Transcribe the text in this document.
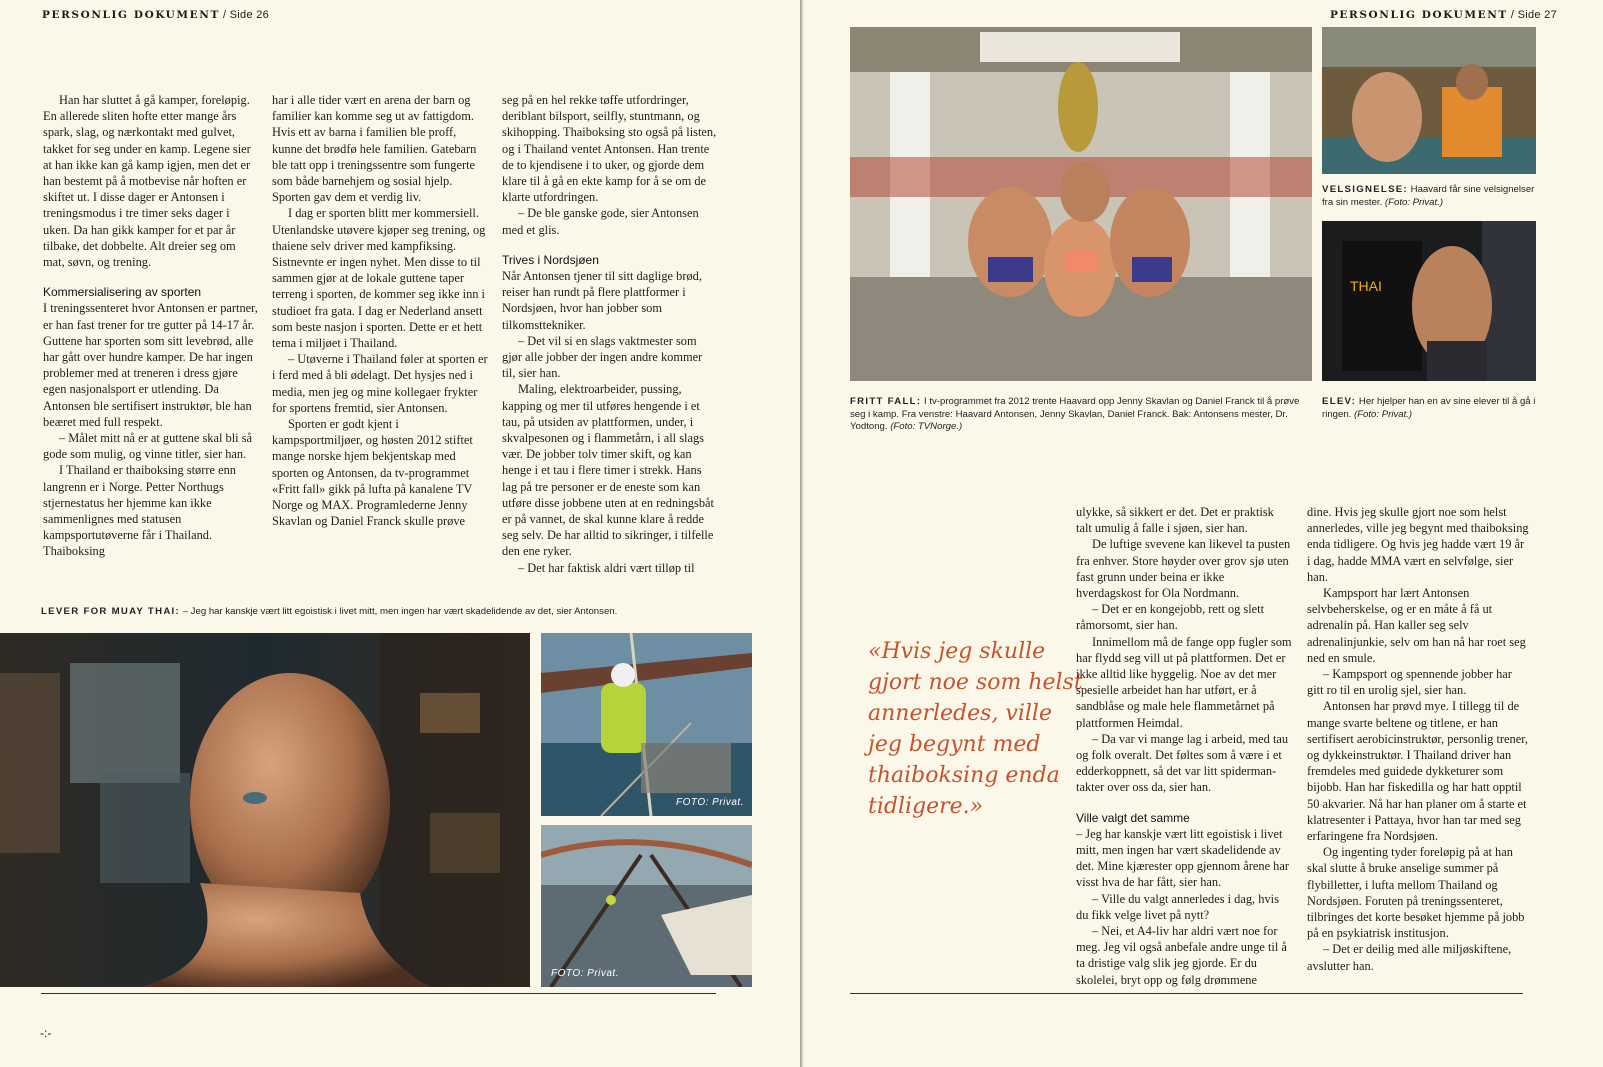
PERSONLIG DOKUMENT / Side 26

Han har sluttet å gå kamper, foreløpig. En allerede sliten hofte etter mange års spark, slag, og nærkontakt med gulvet, takket for seg under en kamp. Legene sier at han ikke kan gå kamp igjen, men det er han bestemt på å motbevise når hoften er skiftet ut. I disse dager er Antonsen i treningsmodus i tre timer seks dager i uken. Da han gikk kamper for et par år tilbake, det dobbelte. Alt dreier seg om mat, søvn, og trening.

Kommersialisering av sporten

I treningssenteret hvor Antonsen er partner, er han fast trener for tre gutter på 14-17 år. Guttene har sporten som sitt levebrød, alle har gått over hundre kamper. De har ingen problemer med at treneren i dress gjøre egen nasjonalsport er utlending. Da Antonsen ble sertifisert instruktør, ble han beæret med full respekt.

– Målet mitt nå er at guttene skal bli så gode som mulig, og vinne titler, sier han.

I Thailand er thaiboksing større enn langrenn er i Norge. Petter Northugs stjernestatus her hjemme kan ikke sammenlignes med statusen kampsportutøverne får i Thailand. Thaiboksing

har i alle tider vært en arena der barn og familier kan komme seg ut av fattigdom. Hvis ett av barna i familien ble proff, kunne det brødfø hele familien. Gatebarn ble tatt opp i treningssentre som fungerte som både barnehjem og sosial hjelp. Sporten gav dem et verdig liv.

I dag er sporten blitt mer kommersiell. Utenlandske utøvere kjøper seg trening, og thaiene selv driver med kampfiksing. Sistnevnte er ingen nyhet. Men disse to til sammen gjør at de lokale guttene taper terreng i sporten, de kommer seg ikke inn i studioet fra gata. I dag er Nederland ansett som beste nasjon i sporten. Dette er et hett tema i miljøet i Thailand.

– Utøverne i Thailand føler at sporten er i ferd med å bli ødelagt. Det hysjes ned i media, men jeg og mine kollegaer frykter for sportens fremtid, sier Antonsen.

Sporten er godt kjent i kampsportmiljøer, og høsten 2012 stiftet mange norske hjem bekjentskap med sporten og Antonsen, da tv-programmet «Fritt fall» gikk på lufta på kanalene TV Norge og MAX. Programlederne Jenny Skavlan og Daniel Franck skulle prøve

seg på en hel rekke tøffe utfordringer, deriblant bilsport, seilfly, stuntmann, og skihopping. Thaiboksing sto også på listen, og i Thailand ventet Antonsen. Han trente de to kjendisene i to uker, og gjorde dem klare til å gå en ekte kamp for å se om de klarte utfordringen.

– De ble ganske gode, sier Antonsen med et glis.

Trives i Nordsjøen

Når Antonsen tjener til sitt daglige brød, reiser han rundt på flere plattformer i Nordsjøen, hvor han jobber som tilkomsttekniker.

– Det vil si en slags vaktmester som gjør alle jobber der ingen andre kommer til, sier han.

Maling, elektroarbeider, pussing, kapping og mer til utføres hengende i et tau, på utsiden av plattformen, under, i skvalpesonen og i flammetårn, i all slags vær. De jobber tolv timer skift, og kan henge i et tau i flere timer i strekk. Hans lag på tre personer er de eneste som kan utføre disse jobbene uten at en redningsbåt er på vannet, de skal kunne klare å redde seg selv. De har alltid to sikringer, i tilfelle den ene ryker.

– Det har faktisk aldri vært tilløp til

LEVER FOR MUAY THAI: – Jeg har kanskje vært litt egoistisk i livet mitt, men ingen har vært skadelidende av det, sier Antonsen.
FOTO: Privat.
FOTO: Privat.
-:-
PERSONLIG DOKUMENT / Side 27
VELSIGNELSE: Haavard får sine velsignelser fra sin mester. (Foto: Privat.)
THAI
FRITT FALL: I tv-programmet fra 2012 trente Haavard opp Jenny Skavlan og Daniel Franck til å prøve seg i kamp. Fra venstre: Haavard Antonsen, Jenny Skavlan, Daniel Franck. Bak: Antonsens mester, Dr. Yodtong. (Foto: TVNorge.)
ELEV: Her hjelper han en av sine elever til å gå i ringen. (Foto: Privat.)
«Hvis jeg skulle gjort noe som helst annerledes, ville jeg begynt med thaiboksing enda tidligere.»

ulykke, så sikkert er det. Det er praktisk talt umulig å falle i sjøen, sier han.

De luftige svevene kan likevel ta pusten fra enhver. Store høyder over grov sjø uten fast grunn under beina er ikke hverdagskost for Ola Nordmann.

– Det er en kongejobb, rett og slett råmorsomt, sier han.

Innimellom må de fange opp fugler som har flydd seg vill ut på plattformen. Det er ikke alltid like hyggelig. Noe av det mer spesielle arbeidet han har utført, er å sandblåse og male hele flammetårnet på plattformen Heimdal.

– Da var vi mange lag i arbeid, med tau og folk overalt. Det føltes som å være i et edderkoppnett, så det var litt spiderman-takter over oss da, sier han.

Ville valgt det samme

– Jeg har kanskje vært litt egoistisk i livet mitt, men ingen har vært skadelidende av det. Mine kjærester opp gjennom årene har visst hva de har fått, sier han.

– Ville du valgt annerledes i dag, hvis du fikk velge livet på nytt?

– Nei, et A4-liv har aldri vært noe for meg. Jeg vil også anbefale andre unge til å ta dristige valg slik jeg gjorde. Er du skolelei, bryt opp og følg drømmene

dine. Hvis jeg skulle gjort noe som helst annerledes, ville jeg begynt med thaiboksing enda tidligere. Og hvis jeg hadde vært 19 år i dag, hadde MMA vært en selvfølge, sier han.

Kampsport har lært Antonsen selvbeherskelse, og er en måte å få ut adrenalin på. Han kaller seg selv adrenalinjunkie, selv om han nå har roet seg ned en smule.

– Kampsport og spennende jobber har gitt ro til en urolig sjel, sier han.

Antonsen har prøvd mye. I tillegg til de mange svarte beltene og titlene, er han sertifisert aerobicinstruktør, personlig trener, og dykkeinstruktør. I Thailand driver han fremdeles med guidede dykketurer som bijobb. Han har fiskedilla og har hatt opptil 50 akvarier. Nå har han planer om å starte et klatresenter i Pattaya, hvor han tar med seg erfaringene fra Nordsjøen.

Og ingenting tyder foreløpig på at han skal slutte å bruke anselige summer på flybilletter, i lufta mellom Thailand og Nordsjøen. Foruten på treningssenteret, tilbringes det korte besøket hjemme på jobb på en psykiatrisk institusjon.

– Det er deilig med alle miljøskiftene, avslutter han.
